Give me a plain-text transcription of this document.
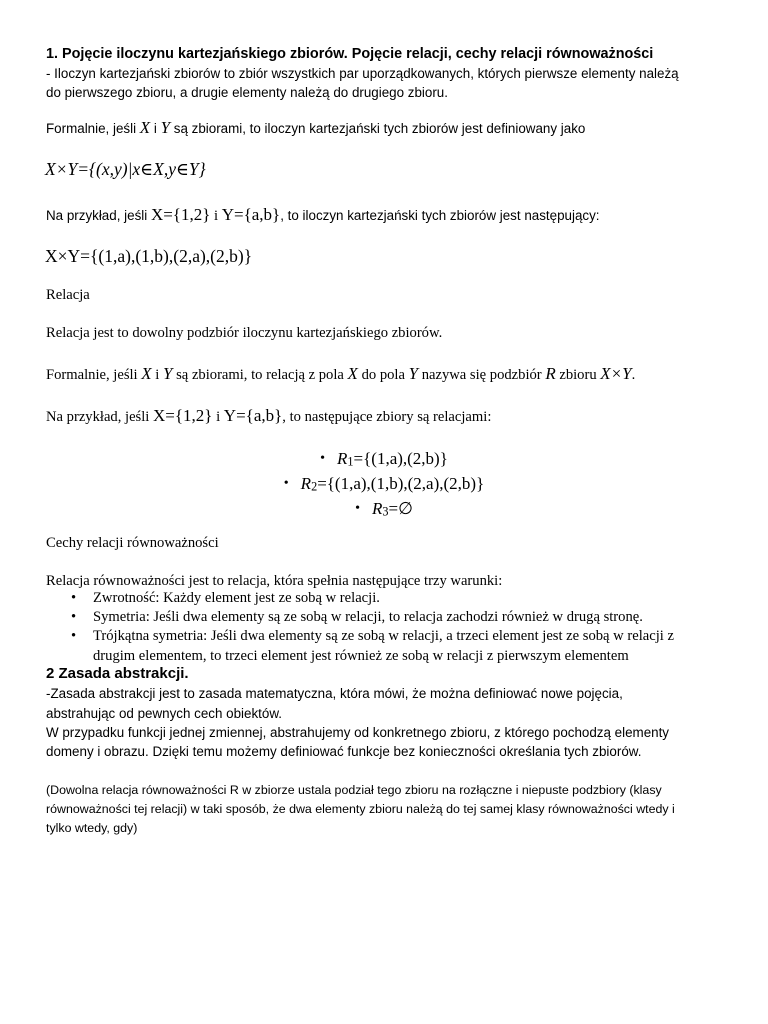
1. Pojęcie iloczynu kartezjańskiego zbiorów. Pojęcie relacji, cechy relacji równoważności
- Iloczyn kartezjański zbiorów to zbiór wszystkich par uporządkowanych, których pierwsze elementy należą
do pierwszego zbioru, a drugie elementy należą do drugiego zbioru.
Formalnie, jeśli X i Y są zbiorami, to iloczyn kartezjański tych zbiorów jest definiowany jako
X×Y={(x,y)|x∈X,y∈Y}
Na przykład, jeśli X={1,2} i Y={a,b}, to iloczyn kartezjański tych zbiorów jest następujący:
X×Y={(1,a),(1,b),(2,a),(2,b)}
Relacja
Relacja jest to dowolny podzbiór iloczynu kartezjańskiego zbiorów.
Formalnie, jeśli X i Y są zbiorami, to relacją z pola X do pola Y nazywa się podzbiór R zbioru X×Y.
Na przykład, jeśli X={1,2} i Y={a,b}, to następujące zbiory są relacjami:
• R1={(1,a),(2,b)}
• R2={(1,a),(1,b),(2,a),(2,b)}
• R3=∅
Cechy relacji równoważności
Relacja równoważności jest to relacja, która spełnia następujące trzy warunki:
• Zwrotność: Każdy element jest ze sobą w relacji.
• Symetria: Jeśli dwa elementy są ze sobą w relacji, to relacja zachodzi również w drugą stronę.
• Trójkątna symetria: Jeśli dwa elementy są ze sobą w relacji, a trzeci element jest ze sobą w relacji z drugim elementem, to trzeci element jest również ze sobą w relacji z pierwszym elementem
2 Zasada abstrakcji.
-Zasada abstrakcji jest to zasada matematyczna, która mówi, że można definiować nowe pojęcia,
abstrahując od pewnych cech obiektów.
W przypadku funkcji jednej zmiennej, abstrahujemy od konkretnego zbioru, z którego pochodzą elementy
domeny i obrazu. Dzięki temu możemy definiować funkcje bez konieczności określania tych zbiorów.
(Dowolna relacja równoważności R w zbiorze ustala podział tego zbioru na rozłączne i niepuste podzbiory (klasy
równoważności tej relacji) w taki sposób, że dwa elementy zbioru należą do tej samej klasy równoważności wtedy i
tylko wtedy, gdy)
